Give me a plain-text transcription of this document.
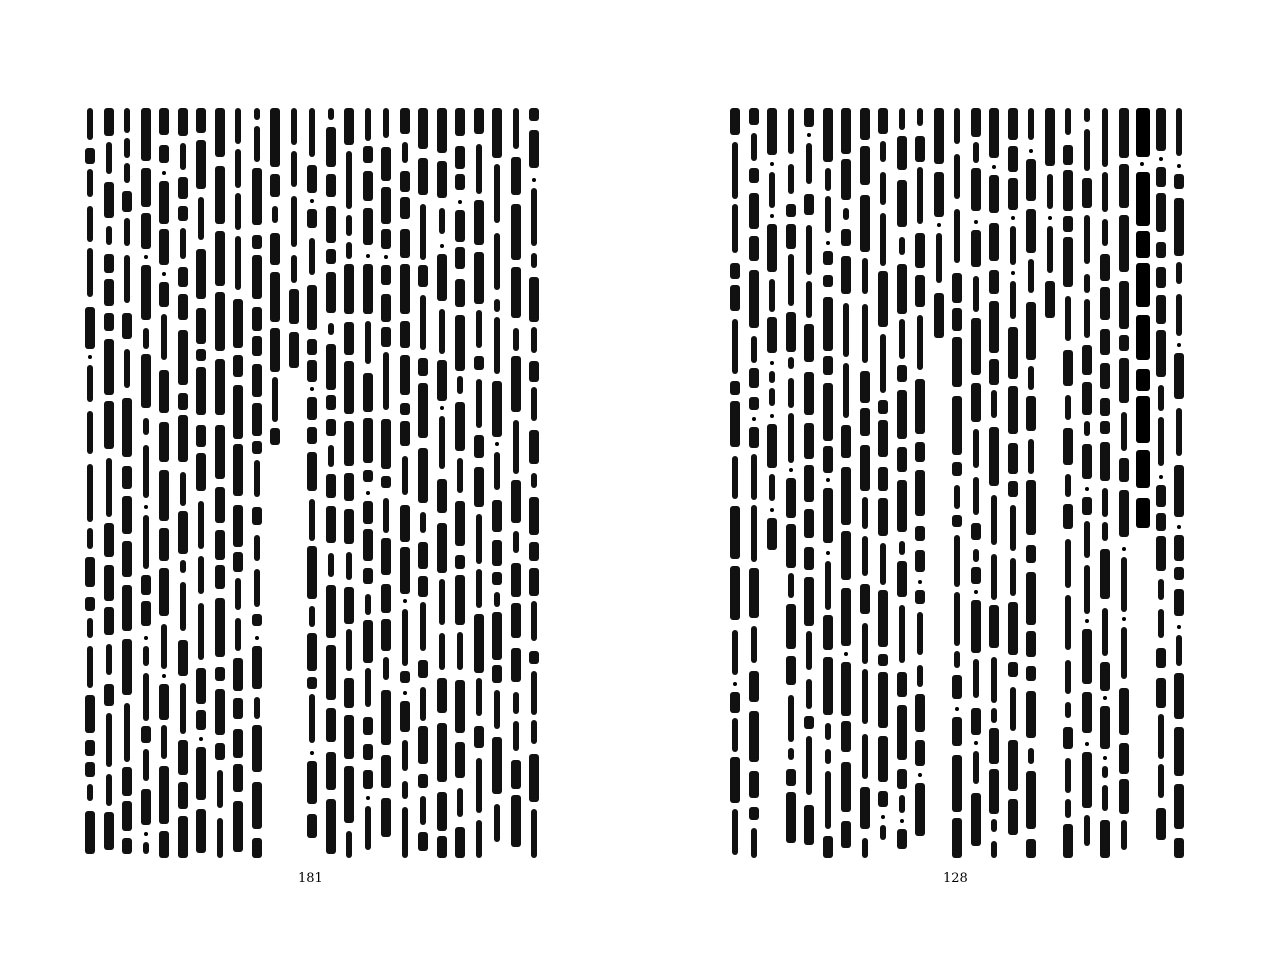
181	128
